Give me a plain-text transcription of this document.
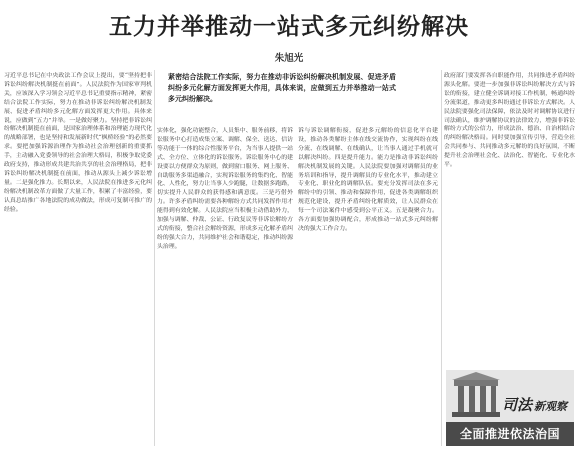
五力并举推动一站式多元纠纷解决
朱旭光

紧密结合法院工作实际，努力在推动非诉讼纠纷解决机制发展、促进矛盾纠纷多元化解方面发挥更大作用，具体来说，应做到五力并举推动一站式多元纠纷解决。

习近平总书记在中央政法工作会议上提出，要“坚持把非诉讼纠纷解决机制挺在前面”。人民法院作为国家审判机关，应该深入学习领会习近平总书记重要指示精神，紧密结合法院工作实际，努力在推动非诉讼纠纷解决机制发展、促进矛盾纠纷多元化解方面发挥更大作用。具体来说，应做到“五力”并举。一是做好聚力。坚持把非诉讼纠纷解决机制挺在前面，是国家治理体系和治理能力现代化的战略部署，也是坚持和发展新时代“枫桥经验”的必然要求。要把加强诉源治理作为推动社会治理创新的重要抓手，主动融入党委领导的社会治理大格局，积极争取党委政府支持，推动形成共建共治共享的社会治理格局，把非诉讼纠纷解决机制挺在前面，推动从源头上减少诉讼增量。二是强化推力。长期以来，人民法院在推进多元化纠纷解决机制改革方面做了大量工作，积累了丰富经验，要认真总结推广各地法院的成功做法，形成可复制可推广的经验。

实体化，强化功能整合，人员集中、服务前移，将诉讼服务中心打造成集立案、调解、保全、送达、信访等功能于一体的综合性服务平台，为当事人提供一站式、全方位、立体化的诉讼服务。诉讼服务中心的建设要以方便群众为原则，做到窗口服务、网上服务、自助服务多渠道融合，实现诉讼服务的集约化、智能化、人性化，努力让当事人少跑腿，让数据多跑路，切实提升人民群众的获得感和满意度。三是巧借外力。许多矛盾纠纷需要各种解纷方式共同发挥作用才能得到有效化解。人民法院应当积极主动借助外力，加强与调解、仲裁、公证、行政复议等非诉讼解纷方式的衔接，整合社会解纷资源，形成多元化解矛盾纠纷的强大合力，共同维护社会和谐稳定，推动纠纷源头治理。

诉与诉讼调解衔接，促进多元解纷的信息化平台建设，推动各类解纷主体在线交流协作，实现纠纷在线分流、在线调解、在线确认，让当事人通过手机就可以解决纠纷。四是提升能力。能力是推动非诉讼纠纷解决机制发展的关键。人民法院要加强对调解员的业务培训和指导，提升调解员的专业化水平，推动建立专业化、职业化的调解队伍。要充分发挥司法在多元解纷中的引领、推动和保障作用，促进各类调解组织规范化建设，提升矛盾纠纷化解质效，让人民群众在每一个司法案件中感受到公平正义。五是凝聚合力。各方面要加强协调配合，形成推动一站式多元纠纷解决的强大工作合力。

政府部门要发挥各自职能作用，共同推进矛盾纠纷源头化解。要进一步加强非诉讼纠纷解决方式与诉讼的衔接，建立健全诉调对接工作机制，畅通纠纷分流渠道，推动更多纠纷通过非诉讼方式解决。人民法院要强化司法保障，依法及时对调解协议进行司法确认，维护调解协议的法律效力，增强非诉讼解纷方式的公信力，形成法治、德治、自治相结合的纠纷解决格局。同时要加强宣传引导，营造全社会共同参与、共同推动多元解纷的良好氛围，不断提升社会治理社会化、法治化、智能化、专业化水平。

司法 新观察
全面推进依法治国
